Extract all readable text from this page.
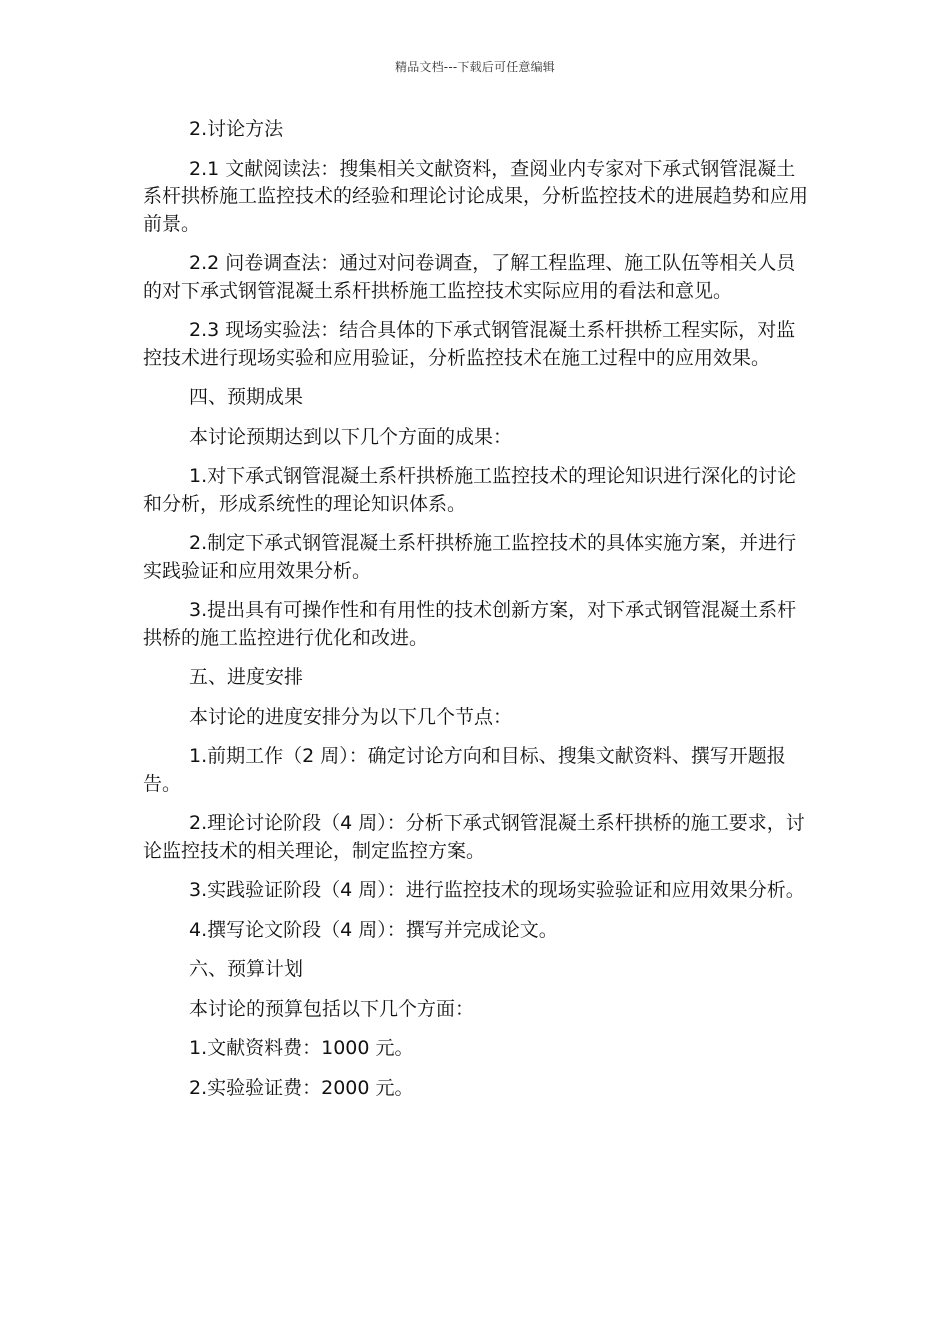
精品文档---下载后可任意编辑

2.讨论方法

2.1 文献阅读法：搜集相关文献资料，查阅业内专家对下承式钢管混凝土系杆拱桥施工监控技术的经验和理论讨论成果，分析监控技术的进展趋势和应用前景。

2.2 问卷调查法：通过对问卷调查，了解工程监理、施工队伍等相关人员的对下承式钢管混凝土系杆拱桥施工监控技术实际应用的看法和意见。

2.3 现场实验法：结合具体的下承式钢管混凝土系杆拱桥工程实际，对监控技术进行现场实验和应用验证，分析监控技术在施工过程中的应用效果。

四、预期成果

本讨论预期达到以下几个方面的成果：

1.对下承式钢管混凝土系杆拱桥施工监控技术的理论知识进行深化的讨论和分析，形成系统性的理论知识体系。

2.制定下承式钢管混凝土系杆拱桥施工监控技术的具体实施方案，并进行实践验证和应用效果分析。

3.提出具有可操作性和有用性的技术创新方案，对下承式钢管混凝土系杆拱桥的施工监控进行优化和改进。

五、进度安排

本讨论的进度安排分为以下几个节点：

1.前期工作（2 周）：确定讨论方向和目标、搜集文献资料、撰写开题报告。

2.理论讨论阶段（4 周）：分析下承式钢管混凝土系杆拱桥的施工要求，讨论监控技术的相关理论，制定监控方案。

3.实践验证阶段（4 周）：进行监控技术的现场实验验证和应用效果分析。

4.撰写论文阶段（4 周）：撰写并完成论文。

六、预算计划

本讨论的预算包括以下几个方面：

1.文献资料费：1000 元。

2.实验验证费：2000 元。
